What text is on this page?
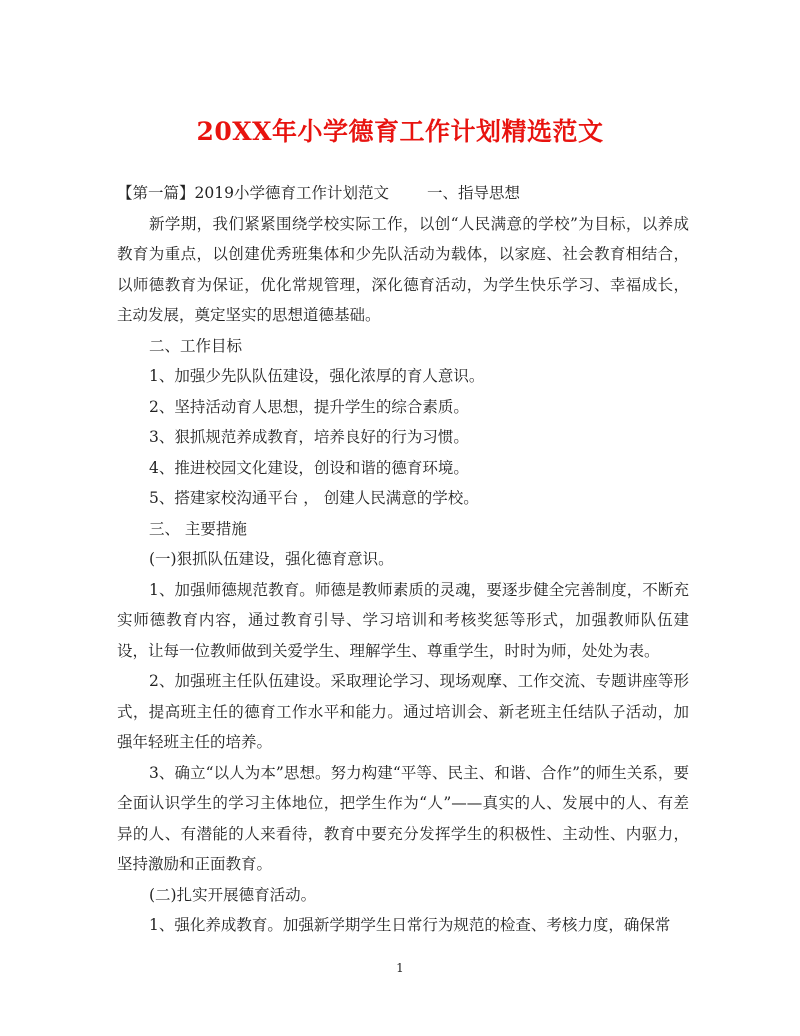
20XX年小学德育工作计划精选范文

【第一篇】2019小学德育工作计划范文 一、指导思想

新学期，我们紧紧围绕学校实际工作，以创“人民满意的学校”为目标，以养成教育为重点，以创建优秀班集体和少先队活动为载体，以家庭、社会教育相结合，以师德教育为保证，优化常规管理，深化德育活动，为学生快乐学习、幸福成长，主动发展，奠定坚实的思想道德基础。

二、工作目标

1、加强少先队队伍建设，强化浓厚的育人意识。

2、坚持活动育人思想，提升学生的综合素质。

3、狠抓规范养成教育，培养良好的行为习惯。

4、推进校园文化建设，创设和谐的德育环境。

5、搭建家校沟通平台 ， 创建人民满意的学校。

三、 主要措施

(一)狠抓队伍建设，强化德育意识。

1、加强师德规范教育。师德是教师素质的灵魂，要逐步健全完善制度，不断充实师德教育内容，通过教育引导、学习培训和考核奖惩等形式，加强教师队伍建设，让每一位教师做到关爱学生、理解学生、尊重学生，时时为师，处处为表。

2、加强班主任队伍建设。采取理论学习、现场观摩、工作交流、专题讲座等形式，提高班主任的德育工作水平和能力。通过培训会、新老班主任结队子活动，加强年轻班主任的培养。

3、确立“以人为本”思想。努力构建“平等、民主、和谐、合作”的师生关系，要全面认识学生的学习主体地位，把学生作为“人”——真实的人、发展中的人、有差异的人、有潜能的人来看待，教育中要充分发挥学生的积极性、主动性、内驱力，坚持激励和正面教育。

(二)扎实开展德育活动。

1、强化养成教育。加强新学期学生日常行为规范的检查、考核力度，确保常

1
